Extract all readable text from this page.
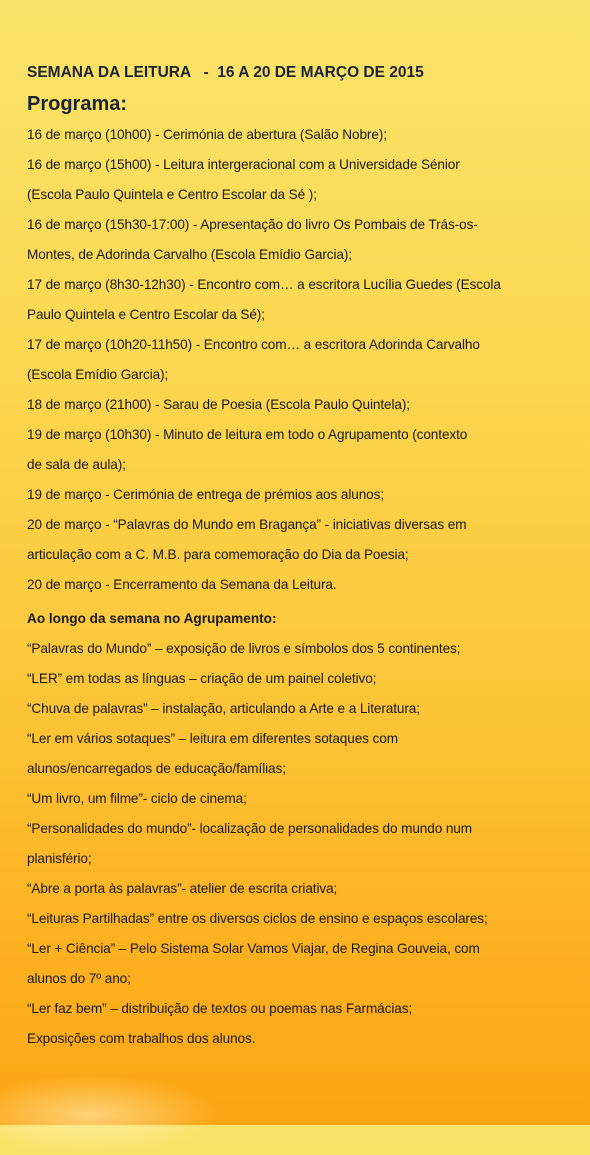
SEMANA DA LEITURA   -  16 A 20 DE MARÇO DE 2015
Programa:
16 de março (10h00) - Cerimónia de abertura (Salão Nobre);
16 de março (15h00) - Leitura intergeracional com a Universidade Sénior
(Escola Paulo Quintela e Centro Escolar da Sé );
16 de março (15h30-17:00) - Apresentação do livro Os Pombais de Trás-os-
Montes, de Adorinda Carvalho (Escola Emídio Garcia);
17 de março (8h30-12h30) - Encontro com… a escritora Lucília Guedes (Escola
Paulo Quintela e Centro Escolar da Sé);
17 de março (10h20-11h50) - Encontro com… a escritora Adorinda Carvalho
(Escola Emídio Garcia);
18 de março (21h00) - Sarau de Poesia (Escola Paulo Quintela);
19 de março (10h30) - Minuto de leitura em todo o Agrupamento (contexto
de sala de aula);
19 de março - Cerimónia de entrega de prémios aos alunos;
20 de março - “Palavras do Mundo em Bragança” - iniciativas diversas em
articulação com a C. M.B. para comemoração do Dia da Poesia;
20 de março - Encerramento da Semana da Leitura.
Ao longo da semana no Agrupamento:
“Palavras do Mundo” – exposição de livros e símbolos dos 5 continentes;
“LER” em todas as línguas – criação de um painel coletivo;
“Chuva de palavras” – instalação, articulando a Arte e a Literatura;
“Ler em vários sotaques” – leitura em diferentes sotaques com
alunos/encarregados de educação/famílias;
“Um livro, um filme”- ciclo de cinema;
“Personalidades do mundo”- localização de personalidades do mundo num
planisfério;
“Abre a porta às palavras”- atelier de escrita criativa;
“Leituras Partilhadas” entre os diversos ciclos de ensino e espaços escolares;
“Ler + Ciência” – Pelo Sistema Solar Vamos Viajar, de Regina Gouveia, com
alunos do 7º ano;
“Ler faz bem” – distribuição de textos ou poemas nas Farmácias;
Exposições com trabalhos dos alunos.
